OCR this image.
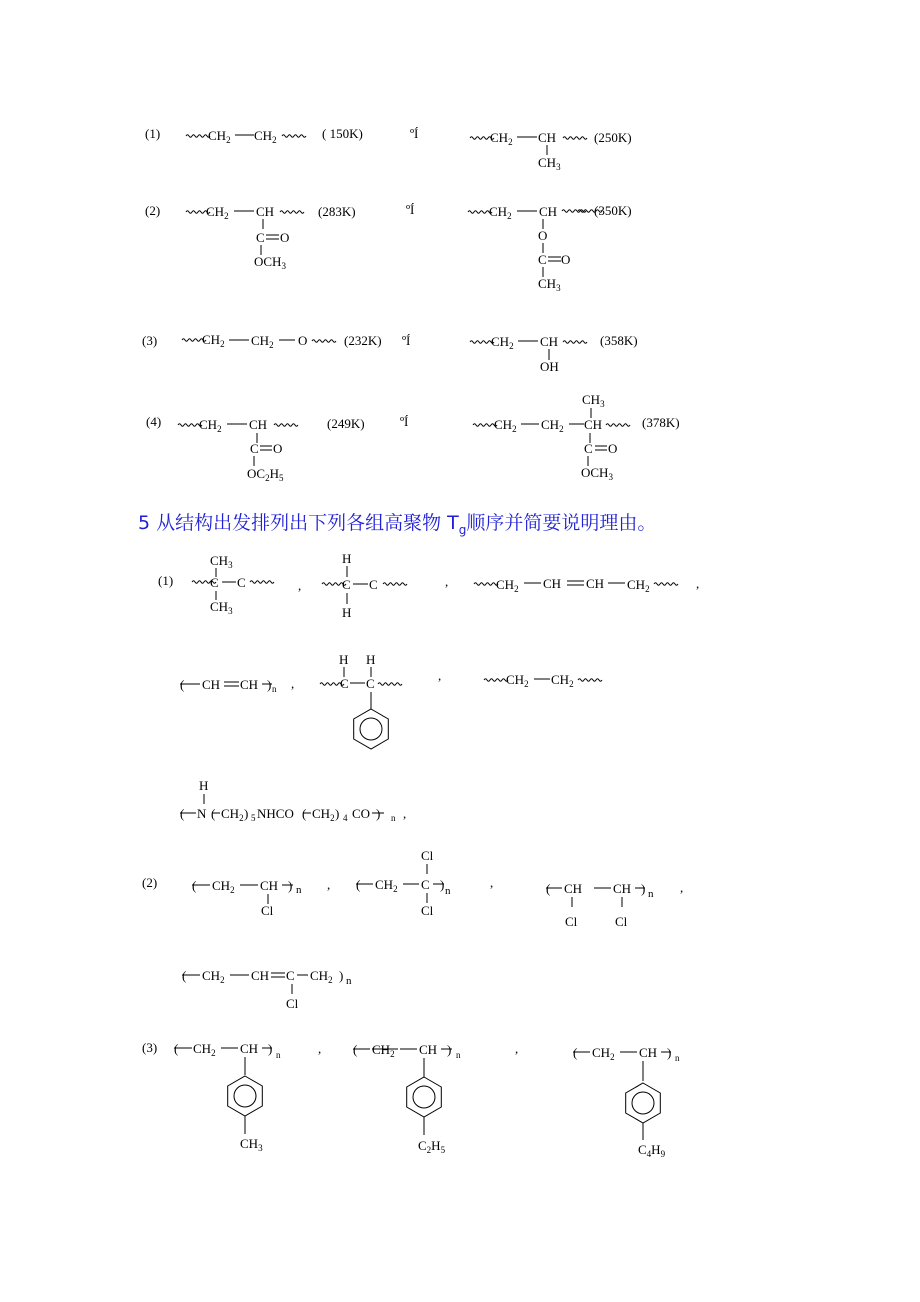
5 从结构出发排列出下列各组高聚物 $T_g$顺序并简要说明理由。
(1)	$CH_2$ $CH_2$	( 150K)	ºÍ	$CH_2$ CH
$CH_3$
(250K)
(2)	$CH_2$ CH
C O
$OCH_3$
(283K)	ºÍ	$CH_2$ CH	(350K)
O
C O
$CH_3$
(3)	$CH_2$ $CH_2$ O	(232K) ºÍ	$CH_2$ CH
OH
(358K)
(4)	$CH_2$ CH
C O
$OC_2H_5$
(249K)	ºÍ	$CH_2$ $CH_2$
$CH_3$
CH	(378K)
C O
$OCH_3$
(1)
$CH_3$
C C
$CH_3$
,
H
C C
H
,	$CH_2$ CH CH $CH_2$	,
( CH CH ) n ,
H H
C C
,	$CH_2$ $CH_2$
H
( N ( $CH_2$ ) 5 NHCO ( $CH_2$ ) 4 CO ) n ,
(2)	( $CH_2$ CH ) n
Cl
,
Cl
( $CH_2$ C ) n
Cl
,	( CH CH ) n
Cl	Cl
,
( $CH_2$ CH C $CH_2$ ) n
Cl
(3) ( $CH_2$ CH ) n
$CH_3$
, ( $CH_2$ CH ) n
$C_2H_5$
,	( $CH_2$ CH ) n
$C_4H_9$
